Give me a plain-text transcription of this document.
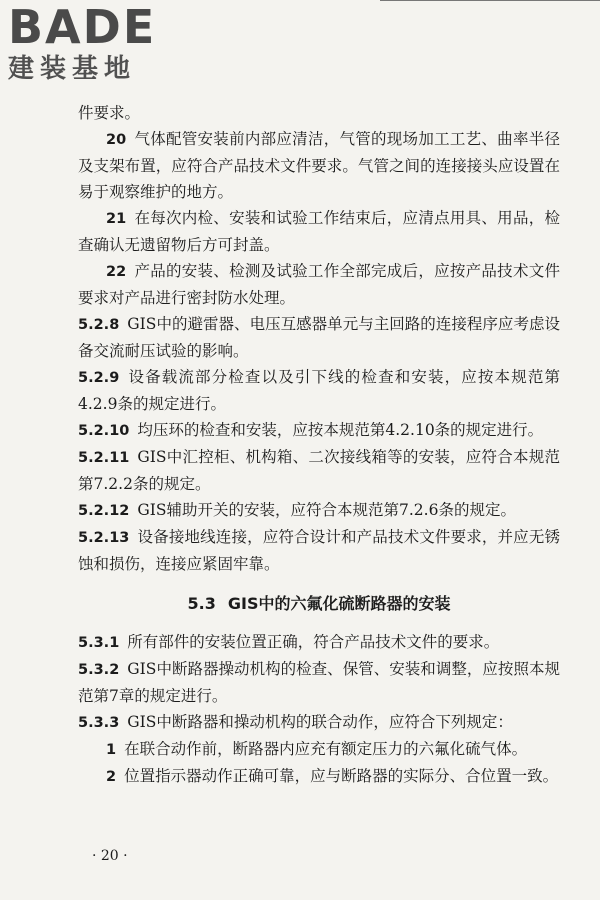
BADE
建装基地

件要求。

20 气体配管安装前内部应清洁，气管的现场加工工艺、曲率半径及支架布置，应符合产品技术文件要求。气管之间的连接接头应设置在易于观察维护的地方。

21 在每次内检、安装和试验工作结束后，应清点用具、用品，检查确认无遗留物后方可封盖。

22 产品的安装、检测及试验工作全部完成后，应按产品技术文件要求对产品进行密封防水处理。

5.2.8 GIS中的避雷器、电压互感器单元与主回路的连接程序应考虑设备交流耐压试验的影响。

5.2.9 设备载流部分检查以及引下线的检查和安装，应按本规范第4.2.9条的规定进行。

5.2.10 均压环的检查和安装，应按本规范第4.2.10条的规定进行。

5.2.11 GIS中汇控柜、机构箱、二次接线箱等的安装，应符合本规范第7.2.2条的规定。

5.2.12 GIS辅助开关的安装，应符合本规范第7.2.6条的规定。

5.2.13 设备接地线连接，应符合设计和产品技术文件要求，并应无锈蚀和损伤，连接应紧固牢靠。

5.3 GIS中的六氟化硫断路器的安装

5.3.1 所有部件的安装位置正确，符合产品技术文件的要求。

5.3.2 GIS中断路器操动机构的检查、保管、安装和调整，应按照本规范第7章的规定进行。

5.3.3 GIS中断路器和操动机构的联合动作，应符合下列规定：

1 在联合动作前，断路器内应充有额定压力的六氟化硫气体。

2 位置指示器动作正确可靠，应与断路器的实际分、合位置一致。

· 20 ·
